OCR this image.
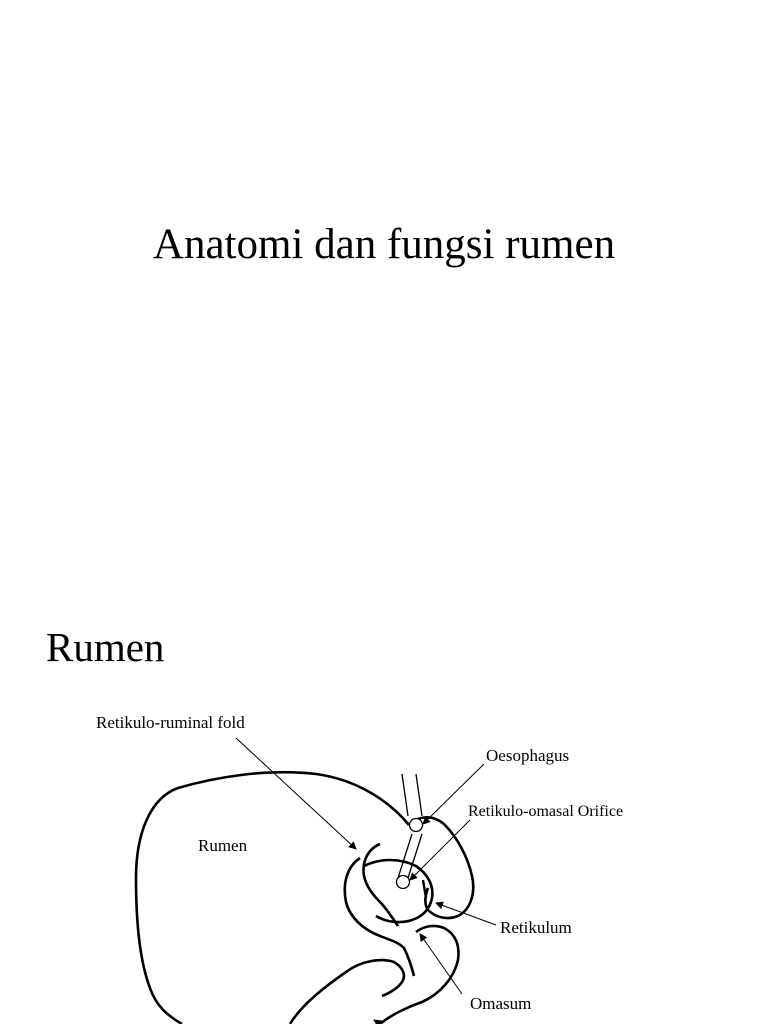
Anatomi dan fungsi rumen
Rumen
Retikulo-ruminal fold
Oesophagus
Retikulo-omasal Orifice
Rumen
Retikulum
Omasum
